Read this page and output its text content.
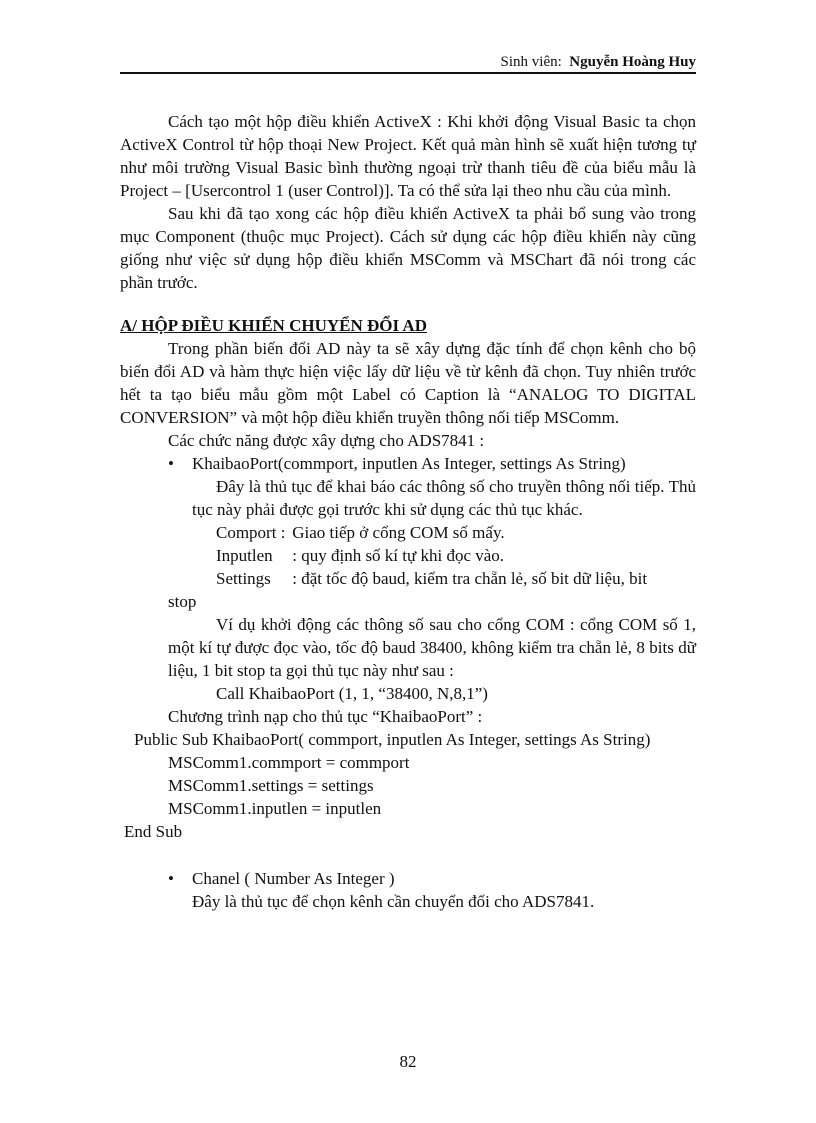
Sinh viên: Nguyễn Hoàng Huy

Cách tạo một hộp điều khiển ActiveX : Khi khởi động Visual Basic ta chọn ActiveX Control từ hộp thoại New Project. Kết quả màn hình sẽ xuất hiện tương tự như môi trường Visual Basic bình thường ngoại trừ thanh tiêu đề của biểu mẫu là Project – [Usercontrol 1 (user Control)]. Ta có thể sửa lại theo nhu cầu của mình.

Sau khi đã tạo xong các hộp điều khiển ActiveX ta phải bổ sung vào trong mục Component (thuộc mục Project). Cách sử dụng các hộp điều khiển này cũng giống như việc sử dụng hộp điều khiển MSComm và MSChart đã nói trong các phần trước.

A/ HỘP ĐIỀU KHIỂN CHUYỂN ĐỔI AD

Trong phần biến đổi AD này ta sẽ xây dựng đặc tính để chọn kênh cho bộ biến đổi AD và hàm thực hiện việc lấy dữ liệu về từ kênh đã chọn. Tuy nhiên trước hết ta tạo biểu mẫu gồm một Label có Caption là “ANALOG TO DIGITAL CONVERSION” và một hộp điều khiển truyền thông nối tiếp MSComm.

Các chức năng được xây dựng cho ADS7841 :

• KhaibaoPort(commport, inputlen As Integer, settings As String)
Đây là thủ tục để khai báo các thông số cho truyền thông nối tiếp. Thủ tục này phải được gọi trước khi sử dụng các thủ tục khác.
Comport : Giao tiếp ở cổng COM số mấy.
Inputlen : quy định số kí tự khi đọc vào.
Settings : đặt tốc độ baud, kiểm tra chẵn lẻ, số bit dữ liệu, bit

stop

Ví dụ khởi động các thông số sau cho cổng COM : cổng COM số 1, một kí tự được đọc vào, tốc độ baud 38400, không kiểm tra chẵn lẻ, 8 bits dữ liệu, 1 bit stop ta gọi thủ tục này như sau :

Call KhaibaoPort (1, 1, “38400, N,8,1”)

Chương trình nạp cho thủ tục “KhaibaoPort” :

Public Sub KhaibaoPort( commport, inputlen As Integer, settings As String)

MSComm1.commport = commport

MSComm1.settings = settings

MSComm1.inputlen = inputlen

End Sub

• Chanel ( Number As Integer )

Đây là thủ tục để chọn kênh cần chuyển đổi cho ADS7841.

82
